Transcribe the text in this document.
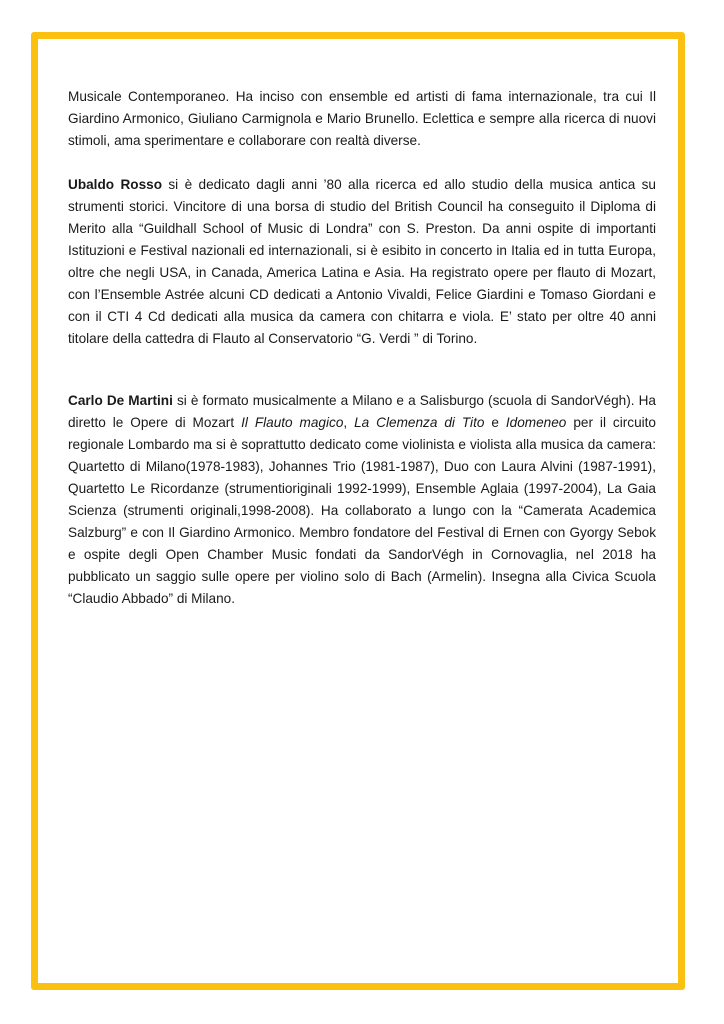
Musicale Contemporaneo. Ha inciso con ensemble ed artisti di fama internazionale, tra cui Il Giardino Armonico, Giuliano Carmignola e Mario Brunello. Eclettica e sempre alla ricerca di nuovi stimoli, ama sperimentare e collaborare con realtà diverse.

Ubaldo Rosso si è dedicato dagli anni ’80 alla ricerca ed allo studio della musica antica su strumenti storici. Vincitore di una borsa di studio del British Council ha conseguito il Diploma di Merito alla “Guildhall School of Music di Londra” con S. Preston. Da anni ospite di importanti Istituzioni e Festival nazionali ed internazionali, si è esibito in concerto in Italia ed in tutta Europa, oltre che negli USA, in Canada, America Latina e Asia. Ha registrato opere per flauto di Mozart, con l’Ensemble Astrée alcuni CD dedicati a Antonio Vivaldi, Felice Giardini e Tomaso Giordani e con il CTI 4 Cd dedicati alla musica da camera con chitarra e viola. E’ stato per oltre 40 anni titolare della cattedra di Flauto al Conservatorio “G. Verdi ” di Torino.

Carlo De Martini si è formato musicalmente a Milano e a Salisburgo (scuola di SandorVégh). Ha diretto le Opere di Mozart Il Flauto magico, La Clemenza di Tito e Idomeneo per il circuito regionale Lombardo ma si è soprattutto dedicato come violinista e violista alla musica da camera: Quartetto di Milano(1978-1983), Johannes Trio (1981-1987), Duo con Laura Alvini (1987-1991), Quartetto Le Ricordanze (strumentioriginali 1992-1999), Ensemble Aglaia (1997-2004), La Gaia Scienza (strumenti originali,1998-2008). Ha collaborato a lungo con la “Camerata Academica Salzburg” e con Il Giardino Armonico. Membro fondatore del Festival di Ernen con Gyorgy Sebok e ospite degli Open Chamber Music fondati da SandorVégh in Cornovaglia, nel 2018 ha pubblicato un saggio sulle opere per violino solo di Bach (Armelin). Insegna alla Civica Scuola “Claudio Abbado” di Milano.
